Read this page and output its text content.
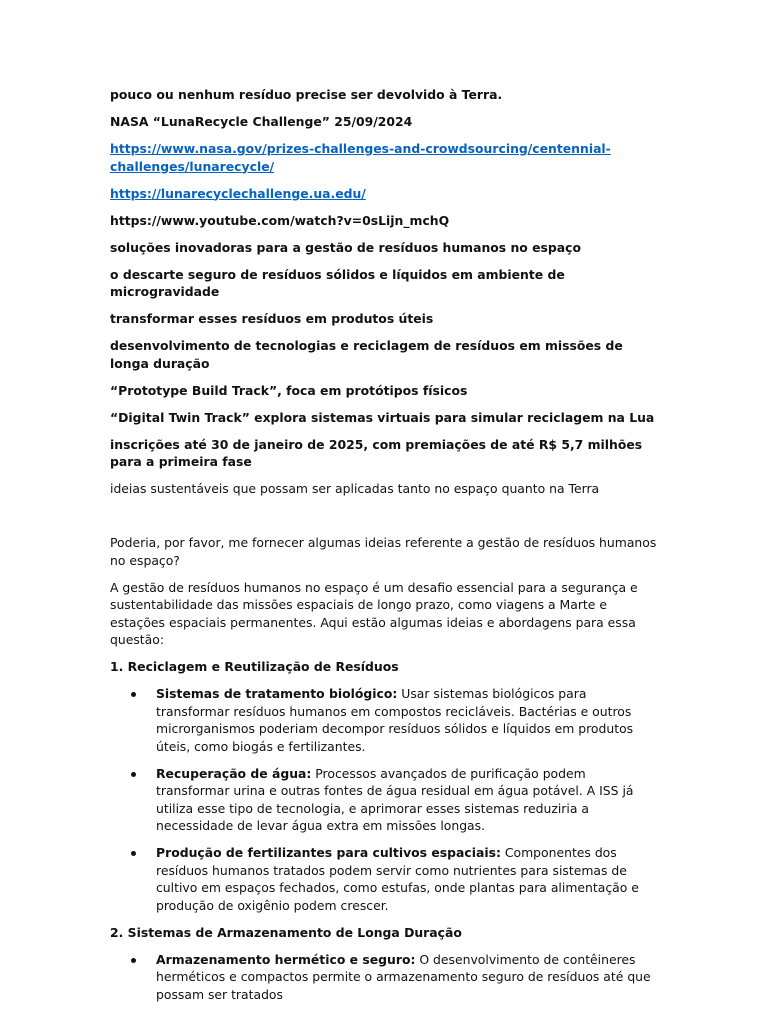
pouco ou nenhum resíduo precise ser devolvido à Terra.

NASA “LunaRecycle Challenge” 25/09/2024

https://www.nasa.gov/prizes-challenges-and-crowdsourcing/centennial-challenges/lunarecycle/

https://lunarecyclechallenge.ua.edu/

https://www.youtube.com/watch?v=0sLijn_mchQ

soluções inovadoras para a gestão de resíduos humanos no espaço

o descarte seguro de resíduos sólidos e líquidos em ambiente de microgravidade

transformar esses resíduos em produtos úteis

desenvolvimento de tecnologias e reciclagem de resíduos em missões de longa duração

“Prototype Build Track”, foca em protótipos físicos

“Digital Twin Track” explora sistemas virtuais para simular reciclagem na Lua

inscrições até 30 de janeiro de 2025, com premiações de até R$ 5,7 milhões para a primeira fase

ideias sustentáveis que possam ser aplicadas tanto no espaço quanto na Terra

Poderia, por favor, me fornecer algumas ideias referente a gestão de resíduos humanos no espaço?

A gestão de resíduos humanos no espaço é um desafio essencial para a segurança e sustentabilidade das missões espaciais de longo prazo, como viagens a Marte e estações espaciais permanentes. Aqui estão algumas ideias e abordagens para essa questão:

1. Reciclagem e Reutilização de Resíduos

Sistemas de tratamento biológico: Usar sistemas biológicos para transformar resíduos humanos em compostos recicláveis. Bactérias e outros microrganismos poderiam decompor resíduos sólidos e líquidos em produtos úteis, como biogás e fertilizantes.
Recuperação de água: Processos avançados de purificação podem transformar urina e outras fontes de água residual em água potável. A ISS já utiliza esse tipo de tecnologia, e aprimorar esses sistemas reduziria a necessidade de levar água extra em missões longas.
Produção de fertilizantes para cultivos espaciais: Componentes dos resíduos humanos tratados podem servir como nutrientes para sistemas de cultivo em espaços fechados, como estufas, onde plantas para alimentação e produção de oxigênio podem crescer.

2. Sistemas de Armazenamento de Longa Duração

Armazenamento hermético e seguro: O desenvolvimento de contêineres herméticos e compactos permite o armazenamento seguro de resíduos até que possam ser tratados
